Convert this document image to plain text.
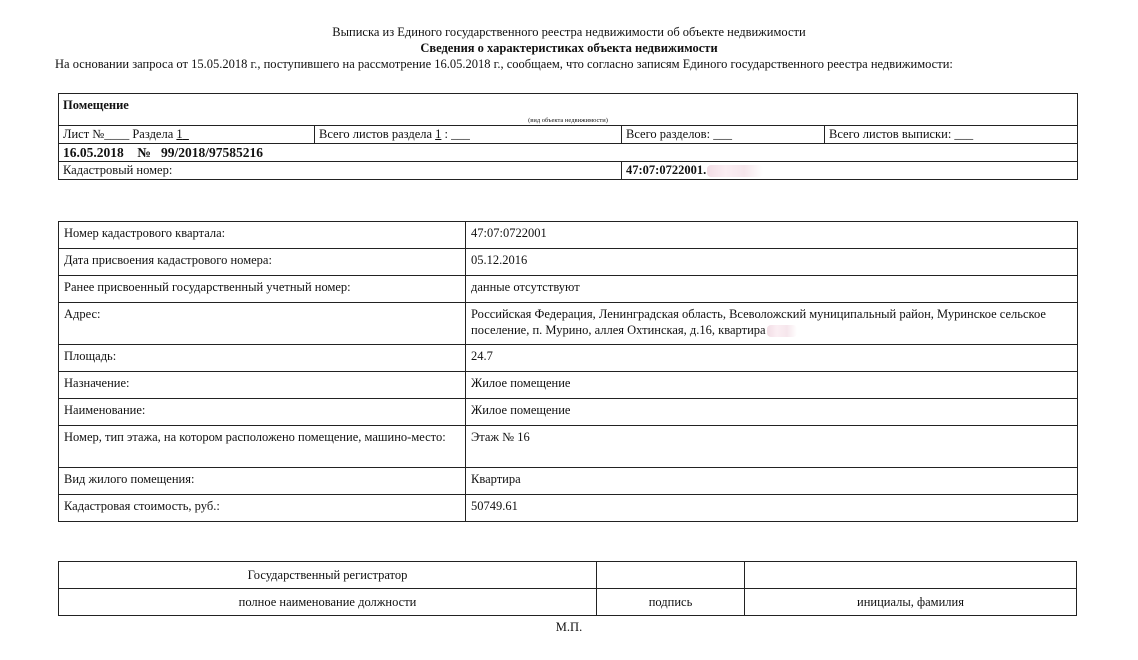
Выписка из Единого государственного реестра недвижимости об объекте недвижимости
Сведения о характеристиках объекта недвижимости
На основании запроса от 15.05.2018 г., поступившего на рассмотрение 16.05.2018 г., сообщаем, что согласно записям Единого государственного реестра недвижимости:
Помещение			
(вид объекта недвижимости)			
Лист №____ Раздела 1	Всего листов раздела 1 : ___	Всего разделов: ___	Всего листов выписки: ___
16.05.2018 № 99/2018/97585216			
Кадастровый номер:		47:07:0722001.	
Номер кадастрового квартала:	47:07:0722001
Дата присвоения кадастрового номера:	05.12.2016
Ранее присвоенный государственный учетный номер:	данные отсутствуют
Адрес:	Российская Федерация, Ленинградская область, Всеволожский муниципальный район, Муринское сельское поселение, п. Мурино, аллея Охтинская, д.16, квартира
Площадь:	24.7
Назначение:	Жилое помещение
Наименование:	Жилое помещение
Номер, тип этажа, на котором расположено помещение, машино-место:	Этаж № 16
Вид жилого помещения:	Квартира
Кадастровая стоимость, руб.:	50749.61
Государственный регистратор		
полное наименование должности	подпись	инициалы, фамилия
М.П.
